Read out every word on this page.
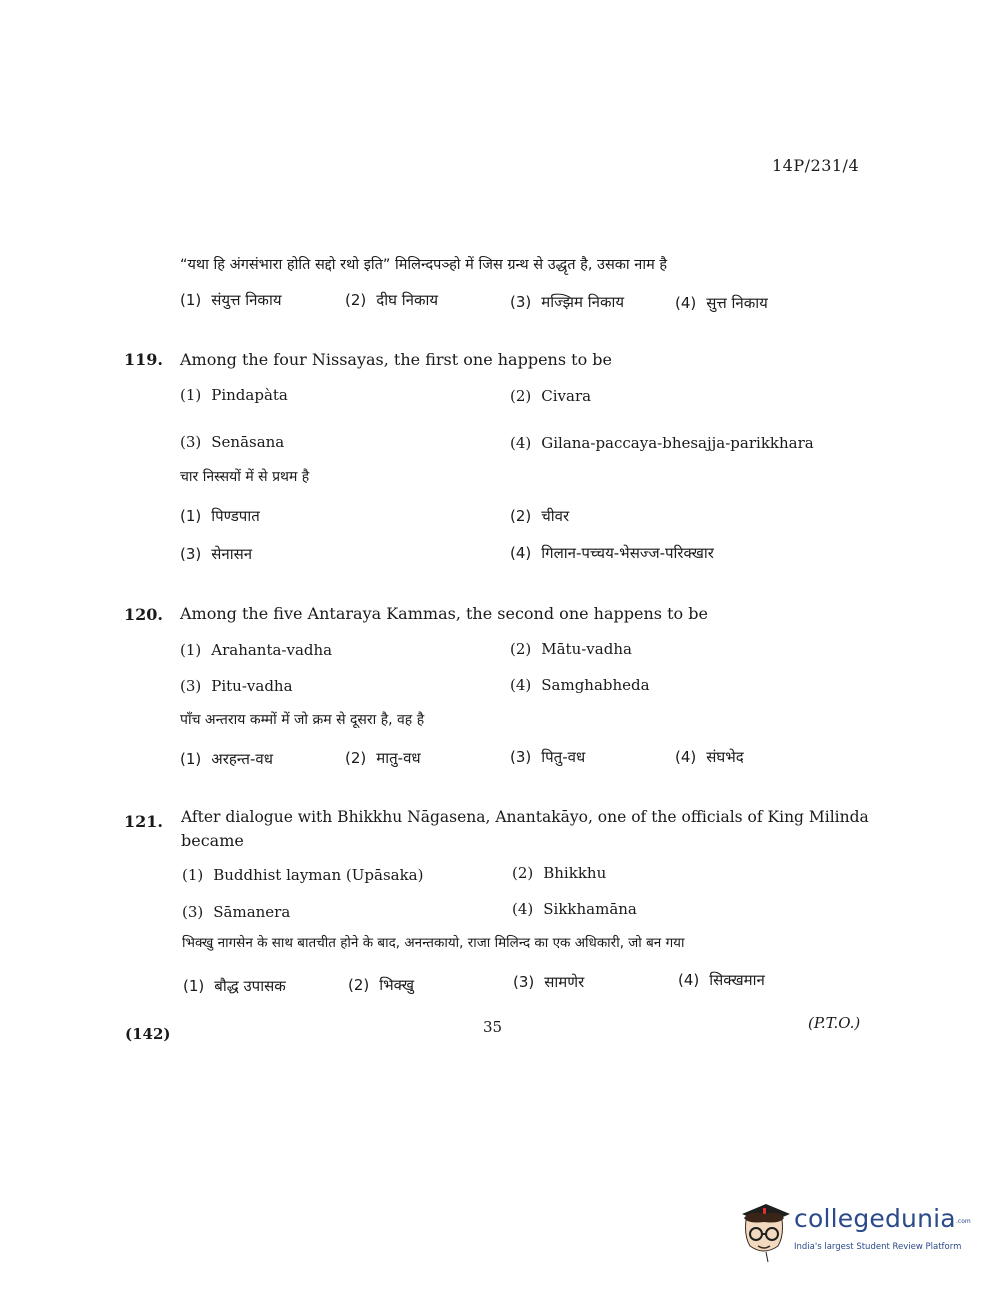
14P/231/4
“यथा हि अंगसंभारा होति सद्दो रथो इति” मिलिन्दपञ्हो में जिस ग्रन्थ से उद्धृत है, उसका नाम है
(1) संयुत्त निकाय	(2) दीघ निकाय	(3) मज्झिम निकाय	(4) सुत्त निकाय
119. Among the four Nissayas, the first one happens to be
(1) Pindapàta	(2) Civara
(3) Senāsana	(4) Gilana-paccaya-bhesajja-parikkhara
चार निस्सयों में से प्रथम है
(1) पिण्डपात	(2) चीवर
(3) सेनासन	(4) गिलान-पच्चय-भेसज्ज-परिक्खार
120. Among the five Antaraya Kammas, the second one happens to be
(1) Arahanta-vadha	(2) Mātu-vadha
(3) Pitu-vadha	(4) Samghabheda
पाँच अन्तराय कम्मों में जो क्रम से दूसरा है, वह है
(1) अरहन्त-वध	(2) मातु-वध	(3) पितु-वध	(4) संघभेद
121. After dialogue with Bhikkhu Nāgasena, Anantakāyo, one of the officials of King Milinda
became
(1) Buddhist layman (Upāsaka)	(2) Bhikkhu
(3) Sāmanera	(4) Sikkhamāna
भिक्खु नागसेन के साथ बातचीत होने के बाद, अनन्तकायो, राजा मिलिन्द का एक अधिकारी, जो बन गया
(1) बौद्ध उपासक	(2) भिक्खु	(3) सामणेर	(4) सिक्खमान
(142)	35	(P.T.O.)
collegedunia .com
India's largest Student Review Platform
